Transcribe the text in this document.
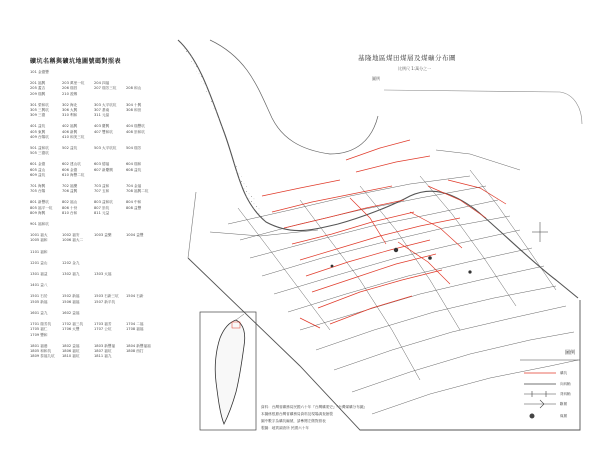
礦坑名稱與礦坑地圖號碼對照表
101 金德豐
201 福興	203 萬里一坑	204 四福
205 蓋吉	206 瑞昌	207 瑞芳三坑	208 和山
209 瑞興	210 浚鄉
301 榮和坑	302 海北	303 大平坑坑	304 十興
305 三興坑	306 大興	307 基南	308 和田
309 三德	310 利和	311 元晶
401 益坑	402 福興	403 慶興	404 瑞豐坑
405 東興	406 新興	407 雙和坑	408 崇和坑
409 台陽坑	410 和美三坑
501 益和坑	502 益坑	503 大平坑坑	504 瑞芳
505 三德坑
601 金德	602 建山坑	603 德福	604 瑞和
605 益山	606 金德	607 新慶興	608 益坑
609 益坑	610 海豐二坑
701 海興	702 福樂	703 益和	704 金福
705 台陽	706 益興	707 五和	708 福興二坑
801 新豐坑	802 福山	803 益和坑	804 中和
805 福平一坑	806 十份	807 崇坑	808 益豐
809 海興	810 台和	811 元益
901 福和坑
1001 福大	1002 福安	1003 益樂	1004 益豐
1005 福和	1006 福大二
1101 福和
1201 益山	1202 金九
1301 福益	1302 福九	1303 大福
1401 益八
1501 石於	1502 新福	1503 石新三坑	1504 石新
1505 新福	1506 福福	1507 新平坑
1601 益九	1602 益福
1701 瑞芳坑	1702 福三坑	1703 福芳	1704 二福
1705 福仁	1706 大豐	1707 公坑	1708 福福
1709 豐和
1801 福港	1802 益福	1803 新豐福	1804 新豐福福
1805 和和坑	1806 福坑	1807 福坑	1808 西打
1809 泰福九坑	1810 福坑	1811 福九
基隆地區煤田煤層及煤礦分布圖
比例尺 1:萬分之一
圖例
圖例
礦坑
向斜軸
背斜軸
斷層
煤層
資料：台灣省礦務局民國六十年『台灣礦業史』『台灣煤礦分布圖』
本圖係根據台灣省礦務局資料及現場調查繪製
圖中數字為礦坑編號，請參閱左側對照表
製圖：地質調查所 民國六十年
